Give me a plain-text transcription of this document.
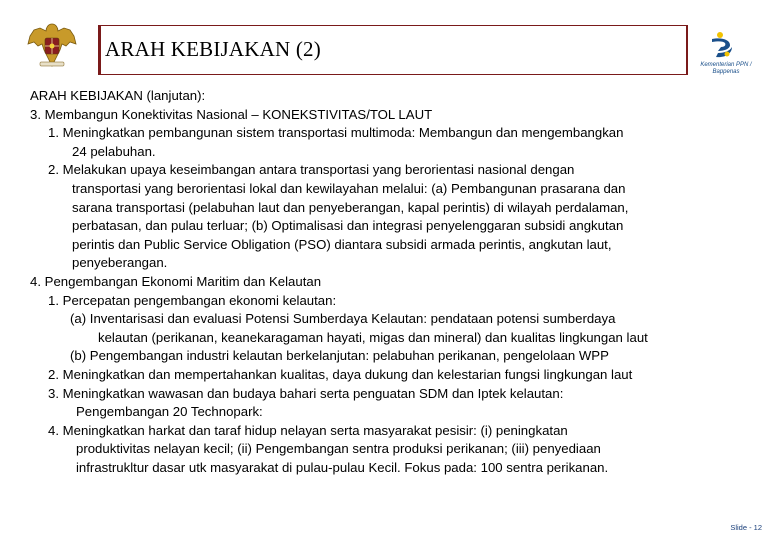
ARAH KEBIJAKAN (2)
Kementerian PPN /
Bappenas
ARAH KEBIJAKAN (lanjutan):
3. Membangun Konektivitas Nasional – KONEKSTIVITAS/TOL LAUT
1. Meningkatkan pembangunan sistem transportasi multimoda: Membangun dan mengembangkan
24 pelabuhan.
2. Melakukan upaya keseimbangan antara transportasi yang berorientasi nasional dengan
transportasi yang berorientasi lokal dan kewilayahan melalui: (a) Pembangunan prasarana dan
sarana transportasi (pelabuhan laut dan penyeberangan, kapal perintis) di wilayah perdalaman,
perbatasan, dan pulau terluar; (b) Optimalisasi dan integrasi penyelenggaran subsidi angkutan
perintis dan Public Service Obligation (PSO) diantara subsidi armada perintis, angkutan laut,
penyeberangan.
4. Pengembangan Ekonomi Maritim dan Kelautan
1. Percepatan pengembangan ekonomi kelautan:
(a) Inventarisasi dan evaluasi Potensi Sumberdaya Kelautan: pendataan potensi sumberdaya
kelautan (perikanan, keanekaragaman hayati, migas dan mineral) dan kualitas lingkungan laut
(b) Pengembangan industri kelautan berkelanjutan: pelabuhan perikanan, pengelolaan WPP
2. Meningkatkan dan mempertahankan kualitas, daya dukung dan kelestarian fungsi lingkungan laut
3. Meningkatkan wawasan dan budaya bahari serta penguatan SDM dan Iptek kelautan:
Pengembangan 20 Technopark:
4. Meningkatkan harkat dan taraf hidup nelayan serta masyarakat pesisir: (i) peningkatan
produktivitas nelayan kecil; (ii) Pengembangan sentra produksi perikanan; (iii) penyediaan
infrastrukltur dasar utk masyarakat di pulau-pulau Kecil. Fokus pada: 100 sentra perikanan.
Slide - 12
